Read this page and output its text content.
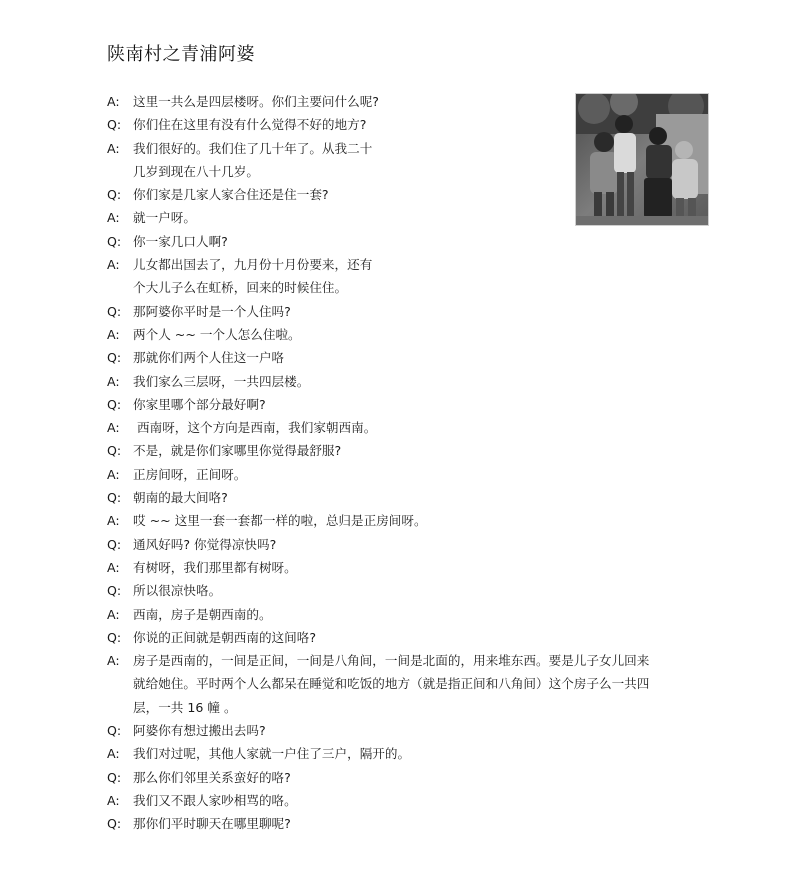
陕南村之青浦阿婆
A: 这里一共么是四层楼呀。你们主要问什么呢?
Q: 你们住在这里有没有什么觉得不好的地方?
A: 我们很好的。我们住了几十年了。从我二十
几岁到现在八十几岁。
Q: 你们家是几家人家合住还是住一套?
A: 就一户呀。
Q: 你一家几口人啊?
A: 儿女都出国去了，九月份十月份要来，还有
个大儿子么在虹桥，回来的时候住住。
Q: 那阿婆你平时是一个人住吗?
A: 两个人 ~~ 一个人怎么住啦。
Q: 那就你们两个人住这一户咯
A: 我们家么三层呀，一共四层楼。
Q: 你家里哪个部分最好啊?
A: 西南呀，这个方向是西南，我们家朝西南。
Q: 不是，就是你们家哪里你觉得最舒服?
A: 正房间呀，正间呀。
Q: 朝南的最大间咯?
A: 哎 ~~ 这里一套一套都一样的啦，总归是正房间呀。
Q: 通风好吗? 你觉得凉快吗?
A: 有树呀，我们那里都有树呀。
Q: 所以很凉快咯。
A: 西南，房子是朝西南的。
Q: 你说的正间就是朝西南的这间咯?
A: 房子是西南的，一间是正间，一间是八角间，一间是北面的，用来堆东西。要是儿子女儿回来
就给她住。平时两个人么都呆在睡觉和吃饭的地方（就是指正间和八角间）这个房子么一共四
层，一共 16 幢 。
Q: 阿婆你有想过搬出去吗?
A: 我们对过呢，其他人家就一户住了三户，隔开的。
Q: 那么你们邻里关系蛮好的咯?
A: 我们又不跟人家吵相骂的咯。
Q: 那你们平时聊天在哪里聊呢?
